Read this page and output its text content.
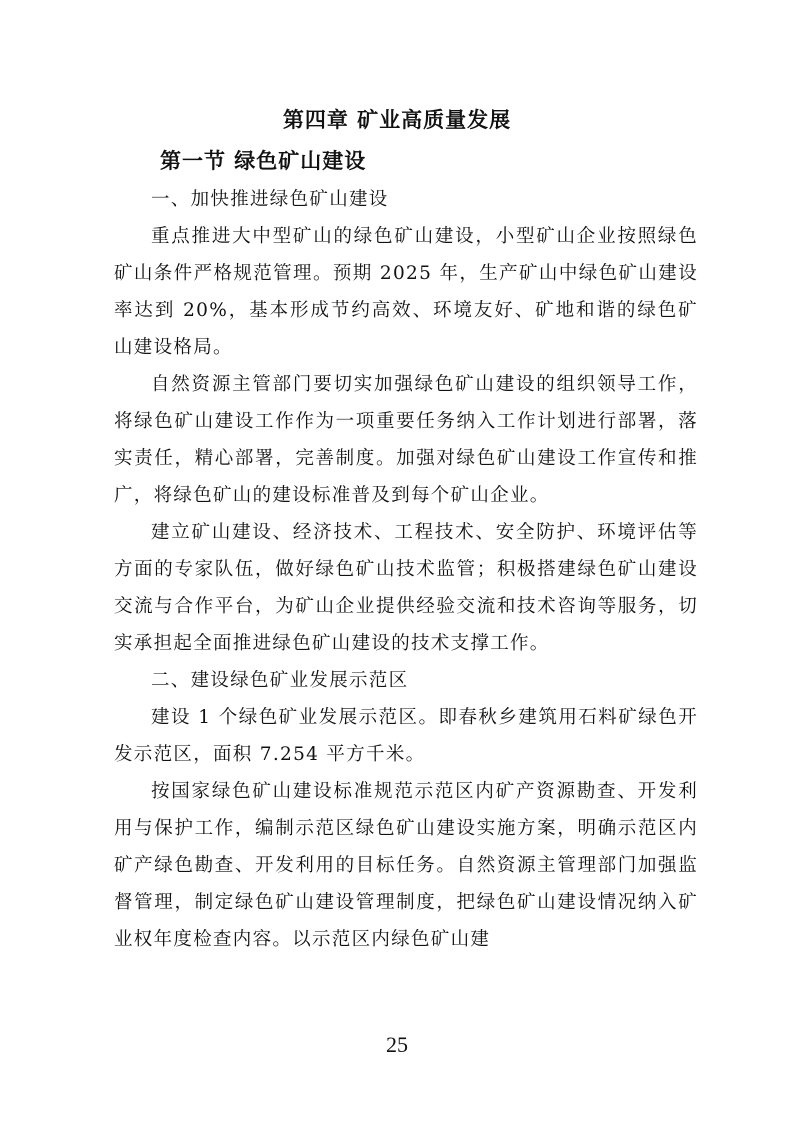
第四章 矿业高质量发展
第一节 绿色矿山建设

一、加快推进绿色矿山建设

重点推进大中型矿山的绿色矿山建设，小型矿山企业按照绿色矿山条件严格规范管理。预期 2025 年，生产矿山中绿色矿山建设率达到 20%，基本形成节约高效、环境友好、矿地和谐的绿色矿山建设格局。

自然资源主管部门要切实加强绿色矿山建设的组织领导工作，将绿色矿山建设工作作为一项重要任务纳入工作计划进行部署，落实责任，精心部署，完善制度。加强对绿色矿山建设工作宣传和推广，将绿色矿山的建设标准普及到每个矿山企业。

建立矿山建设、经济技术、工程技术、安全防护、环境评估等方面的专家队伍，做好绿色矿山技术监管；积极搭建绿色矿山建设交流与合作平台，为矿山企业提供经验交流和技术咨询等服务，切实承担起全面推进绿色矿山建设的技术支撑工作。

二、建设绿色矿业发展示范区

建设 1 个绿色矿业发展示范区。即春秋乡建筑用石料矿绿色开发示范区，面积 7.254 平方千米。

按国家绿色矿山建设标准规范示范区内矿产资源勘查、开发利用与保护工作，编制示范区绿色矿山建设实施方案，明确示范区内矿产绿色勘查、开发利用的目标任务。自然资源主管理部门加强监督管理，制定绿色矿山建设管理制度，把绿色矿山建设情况纳入矿业权年度检查内容。以示范区内绿色矿山建

25
